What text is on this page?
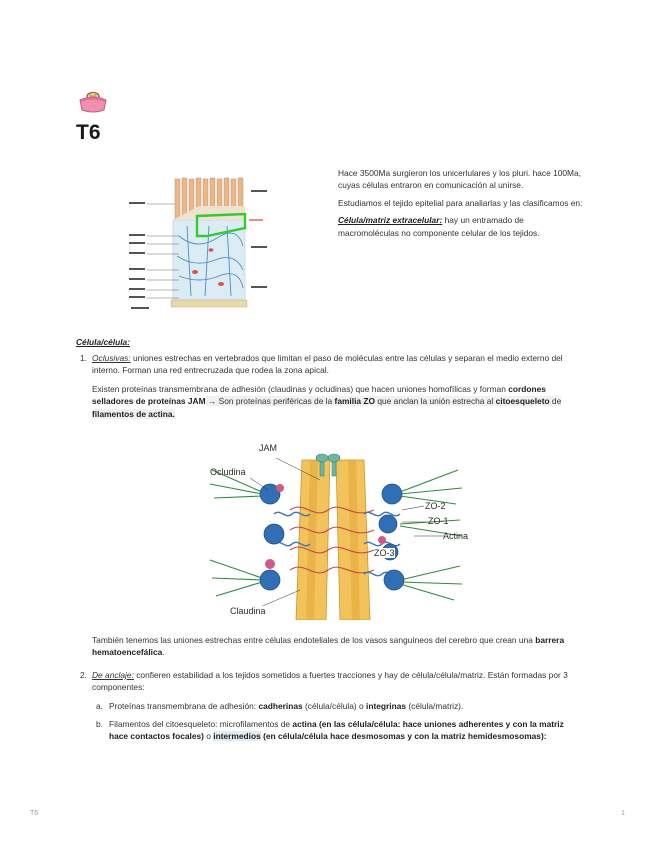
T6

Hace 3500Ma surgieron los unicerlulares y los pluri. hace 100Ma, cuyas células entraron en comunicación al unirse.

Estudiamos el tejido epitelial para analiarlas y las clasificamos en:

Célula/matriz extracelular: hay un entramado de macromoléculas no componente celular de los tejidos.

Célula/célula:
1. Oclusivas: uniones estrechas en vertebrados que limitan el paso de moléculas entre las células y separan el medio externo del interno. Forman una red entrecruzada que rodea la zona apical.

Existen proteínas transmembrana de adhesión (claudinas y ocludinas) que hacen uniones homofílicas y forman cordones selladores de proteínas JAM → Son proteínas periféricas de la familia ZO que anclan la unión estrecha al citoesqueleto de filamentos de actina.

JAM
Ocludina
ZO-2
ZO-1
Actina
ZO-3
Claudina
También tenemos las uniones estrechas entre células endoteliales de los vasos sanguíneos del cerebro que crean una barrera hematoencefálica.
2. De anclaje: confieren estabilidad a los tejidos sometidos a fuertes tracciones y hay de célula/célula/matriz. Están formadas por 3 componentes:

a. Proteínas transmembrana de adhesión: cadherinas (célula/célula) o integrinas (célula/matriz).

b. Filamentos del citoesqueleto: microfilamentos de actina (en las célula/célula: hace uniones adherentes y con la matriz hace contactos focales) o intermedios (en célula/célula hace desmosomas y con la matriz hemidesmosomas):

T6	1
